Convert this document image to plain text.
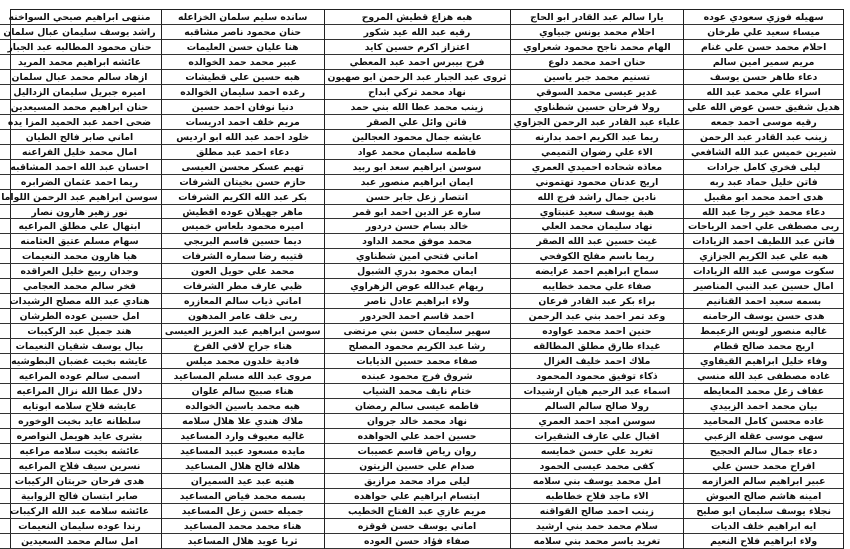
سهيله فوزي سعودي عوده
ميساء سعيد علي طرخان
احلام محمد حسن علي غنام
مريم سمير امين سالم
دعاء طاهر حسن يوسف
اسراء علي محمد عبد الله
هديل شفيق حسن عوض الله علي
رقيه موسى احمد جمعه
زينب عبد القادر عبد الرحمن
شيرين خميس عبد الله الشافعي
ليلى فخري كامل جرادات
فاتن خليل حماد عبد ربه
هدى احمد محمد ابو مقبيل
دعاء محمد خير رجا عبد الله
ربى مصطفى علي احمد الرياحات
فاتن عبد اللطيف احمد الزيادات
هبه علي عبد الكريم الجزازي
سكوت موسى عبد الله الزيادات
امال حسين عبد النبي المناصير
بسمه سعيد احمد القنانيم
هدى حسن يوسف الرحامنه
غاليه منصور لويس الزعيمط
اريج محمد صالح قطام
وفاء خليل ابراهيم القيقاوي
غاده مصطفى عبد الله منسي
عفاف زعل محمد المعايطه
بيان محمد احمد الزبيدي
غاده محسن كامل المحاميد
سهى موسى عقله الزعبي
دعاء جمال سالم الحجيح
افراح محمد حسن علي
عبير ابراهيم سالم العزازمه
امينه هاشم صالح العبوش
نجلاء يوسف سليمان ابو صليح
ايه ابراهيم خلف الديات
ولاء ابراهيم فلاح النعيم
يارا سالم عبد القادر ابو الحاج
احلام محمد يونس جبياوي
الهام محمد ناجح محمود شعراوي
حنان احمد محمد دلوع
تسنيم محمد جبر ياسين
غدير عيسى محمد السوقي
رولا فرحان حسين شطناوي
علياء عبد القادر عبد الرحمن الجزاوي
ريما عبد الكريم احمد بدارنه
الاء علي رضوان التميمي
معاذه شحاده احميدي العمري
اريج عدنان محمود تهتموني
نادين جمال راشد فرج الله
هبة يوسف سعيد عنبتاوي
نهاد سليمان محمد العلي
غيث حسين عبد الله الصقر
ريما باسم مفلح الكوفحي
سماح ابراهيم احمد عرايضه
صفاء علي محمد خطايبه
براء بكر عبد القادر فرعان
وعد تمر احمد بني عبد الرحمن
حنين احمد محمد عواوده
غيداء طارق مطلق المطالقه
ملاك احمد خليف الغزال
ذكاء توفيق محمود المحمود
اسماء عبد الرحيم هيان ارشيدات
رولا صالح سالم السالم
سوسن امجد احمد العمري
اقبال علي عارف الشقيرات
تغريد علي حسن خمايسه
كفى محمد عيسى الحمود
امل محمد يوسف بني سلامه
الاء ماجد فلاح خطاطبه
زينب احمد صالح القواقنه
سلام محمد حمد بني ارشيد
تغريد ياسر محمد بني سلامه
هبه هزاع قطيش المروح
رقيه عبد الله عيد شكور
اعتزاز اكرم حسين كايد
فرح بيبرس احمد عبد المعطي
ثروى عبد الجبار عبد الرحمن ابو صهيون
نهاد محمد تركي ابداح
زينب محمد عطا الله بني حمد
فاتن وائل علي الصقر
عايشه جمال محمود العجالين
فاطمه سليمان محمد عواد
سوسن ابراهيم سعد ابو ربيد
ايمان ابراهيم منصور عبد
انتصار زعل جابر حسن
ساره عز الدين احمد ابو قمر
خالد بسام حسن دردور
محمد موفق محمد الداود
اماني فتحي امين شطناوي
ايمان محمود بدري الشبول
ريهام عبدالله عوض الزهراوي
ولاء ابراهيم عادل ناصر
احمد قاسم احمد الحردور
سهير سليمان حسن بني مرتضى
رشا عبد الكريم محمود المصلح
صفاء محمد حسين الذيابات
شروق فرج محمود عبنده
ختام نايف محمد الشياب
فاطمه عيسى سالم رمضان
نهاد محمد خالد جروان
حسين احمد علي الحواهده
روان رياض قاسم عصيبات
صدام علي حسين الزيتون
ليلى مراد محمد مرازيق
ابتسام ابراهيم علي حواهده
مريم غازي عبد الفتاح الخطيب
اماني يوسف حسن قوقزه
صفاء فؤاد حسن العوده
سانده سليم سلمان الخزاعله
حنان محمود ناصر مشاقبه
هنا عليان حسن العليمات
عبير محمد حمد الخوالده
هبه حسين علي قطيشات
رغده احمد سليمان الخوالده
دنيا نوفان احمد حسين
مريم خلف احمد ادريسات
خلود احمد عبد الله ابو ارديس
دعاء احمد عبد مطلق
تهيم عسكر محسن العيسى
حازم حسن بخيتان الشرفات
بكر عبد الله الكريم الشرفات
ماهر جهيلان عوده اقطيش
اميره محمود بلعاس خميس
ديما حسين قاسم البريجي
قتيبه رضا سماره الشرفات
محمد علي حويل العون
ظبي عارف مطر الشرفات
اماني ذياب سالم المعازره
ربى خلف عامر المدهون
سوسن ابراهيم عبد العزيز العيسى
هناء جراح لافي الفرخ
فادية خلدون محمد ميلس
مروى عبد الله مسلم المساعيد
هناء صبيح سالم علوان
هبه محمد ياسين الخوالده
ملاك هندي علا هلال سلامه
غاليه معيوف وارد المساعيد
مايده مسعود عبيد المساعيد
هلاله فالح هلال المساعيد
هنيه عبد عيد السميران
بسمه محمد فياض المساعيد
جميله حسن زعل المساعيد
هناء محمد محمد المساعيد
ثريا عويد هلال المساعيد
منتهى ابراهيم صبحي السواخنه
راشد يوسف سليمان عبال سلمان
حنان محمود المطالبه عبد الجبار
عائشه ابراهيم محمد المريد
ازهاد سالم محمد عبال سلمان
اميره جبريل سليمان الزداليل
حنان ابراهيم محمد المسيعدين
ضحى احمد عبد الحميد المزا يده
اماني صابر فالح الطيان
امال محمد خليل الفراعنه
احسان عبد الله احمد المشاقبه
ريما احمد عثمان الضرابره
سوسن ابراهيم عبد الرحمن اللواما
نور زهير هارون نصار
ابتهال علي مطلق المراعيه
سهام مسلم عتيق العثامنه
هبا هارون محمد النعيمات
وجدان ربيع خليل العراقده
فخر سالم محمد العجامي
هنادي عبد الله مصلح الرشيدات
امل حسين عوده الطرشان
هند جميل عبد الركيبات
بيال يوسف شقيان النعيمات
عايشه بخيت غضبان البطوشيه
اسمى سالم عوده المراعيه
دلال عطا الله نزال المراعيه
عايشه فلاح سلامه ابوتايه
سلطانه عايد بخيت الوخوره
بشرى عايد هويمل النواصره
عائشه بخيت سلامه مراعيه
نسرين سيف فلاح المراعيه
هدى فرحان حربتان الركيبات
صابر ابتسان فالح الزوابية
عائشه سلامه عبد الله الركيبات
رندا عوده سليمان النعيمات
امل سالم محمد السعيدين
